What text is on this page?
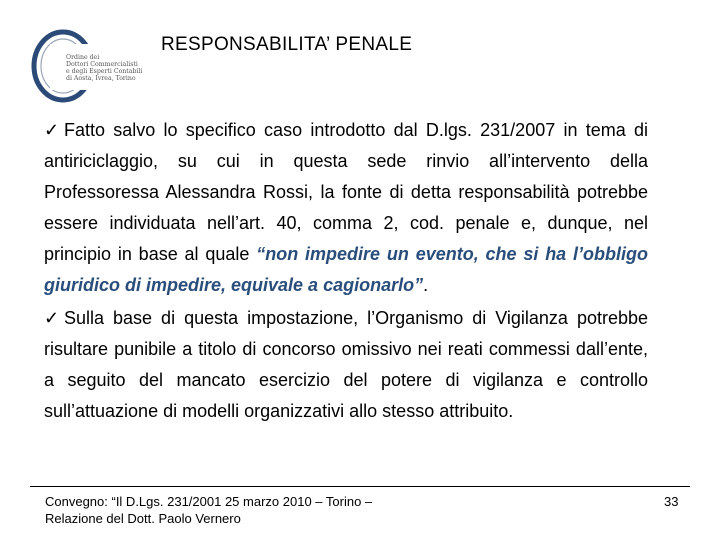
Ordine dei
Dottori Commercialisti
e degli Esperti Contabili
di Aosta, Ivrea, Torino
RESPONSABILITA’ PENALE
✓ Fatto salvo lo specifico caso introdotto dal D.lgs. 231/2007 in tema di antiriciclaggio, su cui in questa sede rinvio all’intervento della Professoressa Alessandra Rossi, la fonte di detta responsabilità potrebbe essere individuata nell’art. 40, comma 2, cod. penale e, dunque, nel principio in base al quale “non impedire un evento, che si ha l’obbligo giuridico di impedire, equivale a cagionarlo”.
✓ Sulla base di questa impostazione, l’Organismo di Vigilanza potrebbe risultare punibile a titolo di concorso omissivo nei reati commessi dall’ente, a seguito del mancato esercizio del potere di vigilanza e controllo sull’attuazione di modelli organizzativi allo stesso attribuito.
Convegno: “Il D.Lgs. 231/2001 25 marzo 2010 – Torino –
Relazione del Dott. Paolo Vernero
33
